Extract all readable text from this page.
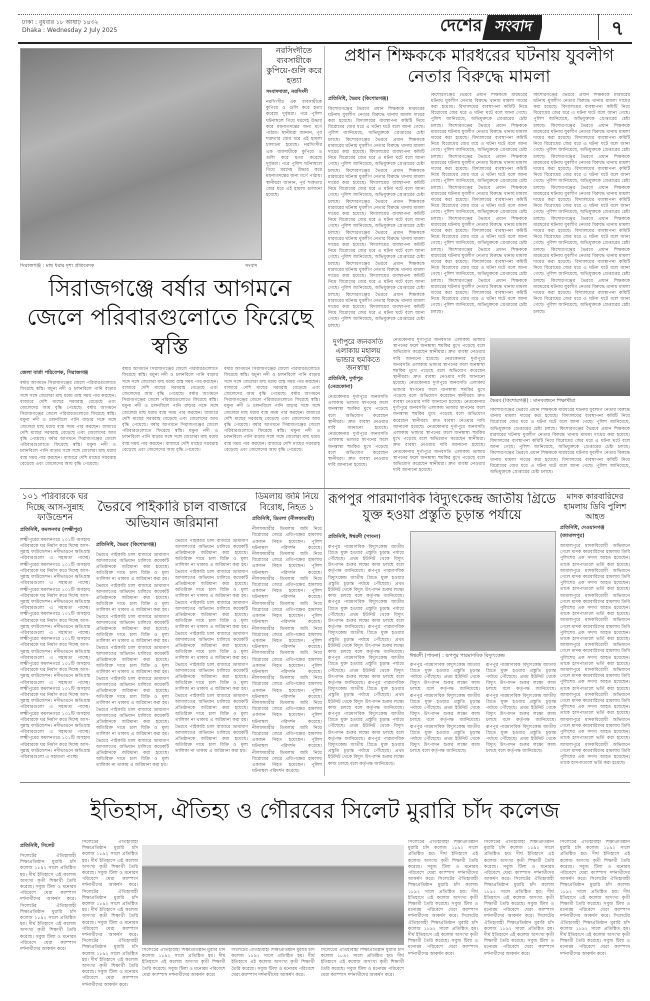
ঢাকা : বুধবার ১৮ আষাঢ় ১৪৩২
Dhaka : Wednesday 2 July 2025	দেশের সংবাদ	৭
সিরাজগঞ্জ : মাছ ধরার দৃশ্য প্রতিবেদক	সংবাদ
নরসিংদীতে ব্যবসায়ীকে কুপিয়ে-গুলি করে হত্যা
সংবাদদাতা, নরসিংদী
নরসিংদীর এক ব্যবসায়ীকে কুপিয়ে ও গুলি করে হত্যা করেছে দুর্বৃত্তরা। পরে পুলিশ ঘটনাস্থলে গিয়ে মরদেহ উদ্ধার করে ময়নাতদন্তের জন্য মর্গে পাঠায়। স্থানীয়রা জানান, পূর্ব শত্রুতার জের ধরে এই হামলা চালানো হয়েছে। নরসিংদীর এক ব্যবসায়ীকে কুপিয়ে ও গুলি করে হত্যা করেছে দুর্বৃত্তরা। পরে পুলিশ ঘটনাস্থলে গিয়ে মরদেহ উদ্ধার করে ময়নাতদন্তের জন্য মর্গে পাঠায়। স্থানীয়রা জানান, পূর্ব শত্রুতার জের ধরে এই হামলা চালানো হয়েছে।
প্রধান শিক্ষককে মারধরের ঘটনায় যুবলীগ নেতার বিরুদ্ধে মামলা
প্রতিনিধি, ভৈরব (কিশোরগঞ্জ)
কিশোরগঞ্জের ভৈরবে প্রধান শিক্ষককে মারধরের ঘটনায় যুবলীগ নেতার বিরুদ্ধে থানায় মামলা দায়ের করা হয়েছে। বিদ্যালয়ের ব্যবস্থাপনা কমিটি নিয়ে বিরোধের জের ধরে এ ঘটনা ঘটে বলে জানা গেছে। পুলিশ জানিয়েছে, অভিযুক্তকে গ্রেপ্তারের চেষ্টা চলছে। কিশোরগঞ্জের ভৈরবে প্রধান শিক্ষককে মারধরের ঘটনায় যুবলীগ নেতার বিরুদ্ধে থানায় মামলা দায়ের করা হয়েছে। বিদ্যালয়ের ব্যবস্থাপনা কমিটি নিয়ে বিরোধের জের ধরে এ ঘটনা ঘটে বলে জানা গেছে। পুলিশ জানিয়েছে, অভিযুক্তকে গ্রেপ্তারের চেষ্টা চলছে। কিশোরগঞ্জের ভৈরবে প্রধান শিক্ষককে মারধরের ঘটনায় যুবলীগ নেতার বিরুদ্ধে থানায় মামলা দায়ের করা হয়েছে। বিদ্যালয়ের ব্যবস্থাপনা কমিটি নিয়ে বিরোধের জের ধরে এ ঘটনা ঘটে বলে জানা গেছে। পুলিশ জানিয়েছে, অভিযুক্তকে গ্রেপ্তারের চেষ্টা চলছে। কিশোরগঞ্জের ভৈরবে প্রধান শিক্ষককে মারধরের ঘটনায় যুবলীগ নেতার বিরুদ্ধে থানায় মামলা দায়ের করা হয়েছে। বিদ্যালয়ের ব্যবস্থাপনা কমিটি নিয়ে বিরোধের জের ধরে এ ঘটনা ঘটে বলে জানা গেছে। পুলিশ জানিয়েছে, অভিযুক্তকে গ্রেপ্তারের চেষ্টা চলছে। কিশোরগঞ্জের ভৈরবে প্রধান শিক্ষককে মারধরের ঘটনায় যুবলীগ নেতার বিরুদ্ধে থানায় মামলা দায়ের করা হয়েছে। বিদ্যালয়ের ব্যবস্থাপনা কমিটি নিয়ে বিরোধের জের ধরে এ ঘটনা ঘটে বলে জানা গেছে। পুলিশ জানিয়েছে, অভিযুক্তকে গ্রেপ্তারের চেষ্টা চলছে। কিশোরগঞ্জের ভৈরবে প্রধান শিক্ষককে মারধরের ঘটনায় যুবলীগ নেতার বিরুদ্ধে থানায় মামলা দায়ের করা হয়েছে। বিদ্যালয়ের ব্যবস্থাপনা কমিটি নিয়ে বিরোধের জের ধরে এ ঘটনা ঘটে বলে জানা গেছে। পুলিশ জানিয়েছে, অভিযুক্তকে গ্রেপ্তারের চেষ্টা চলছে। কিশোরগঞ্জের ভৈরবে প্রধান শিক্ষককে মারধরের ঘটনায় যুবলীগ নেতার বিরুদ্ধে থানায় মামলা দায়ের করা হয়েছে। বিদ্যালয়ের ব্যবস্থাপনা কমিটি নিয়ে বিরোধের জের ধরে এ ঘটনা ঘটে বলে জানা গেছে। পুলিশ জানিয়েছে, অভিযুক্তকে গ্রেপ্তারের চেষ্টা চলছে।
কিশোরগঞ্জের ভৈরবে প্রধান শিক্ষককে মারধরের ঘটনায় যুবলীগ নেতার বিরুদ্ধে থানায় মামলা দায়ের করা হয়েছে। বিদ্যালয়ের ব্যবস্থাপনা কমিটি নিয়ে বিরোধের জের ধরে এ ঘটনা ঘটে বলে জানা গেছে। পুলিশ জানিয়েছে, অভিযুক্তকে গ্রেপ্তারের চেষ্টা চলছে। কিশোরগঞ্জের ভৈরবে প্রধান শিক্ষককে মারধরের ঘটনায় যুবলীগ নেতার বিরুদ্ধে থানায় মামলা দায়ের করা হয়েছে। বিদ্যালয়ের ব্যবস্থাপনা কমিটি নিয়ে বিরোধের জের ধরে এ ঘটনা ঘটে বলে জানা গেছে। পুলিশ জানিয়েছে, অভিযুক্তকে গ্রেপ্তারের চেষ্টা চলছে। কিশোরগঞ্জের ভৈরবে প্রধান শিক্ষককে মারধরের ঘটনায় যুবলীগ নেতার বিরুদ্ধে থানায় মামলা দায়ের করা হয়েছে। বিদ্যালয়ের ব্যবস্থাপনা কমিটি নিয়ে বিরোধের জের ধরে এ ঘটনা ঘটে বলে জানা গেছে। পুলিশ জানিয়েছে, অভিযুক্তকে গ্রেপ্তারের চেষ্টা চলছে। কিশোরগঞ্জের ভৈরবে প্রধান শিক্ষককে মারধরের ঘটনায় যুবলীগ নেতার বিরুদ্ধে থানায় মামলা দায়ের করা হয়েছে। বিদ্যালয়ের ব্যবস্থাপনা কমিটি নিয়ে বিরোধের জের ধরে এ ঘটনা ঘটে বলে জানা গেছে। পুলিশ জানিয়েছে, অভিযুক্তকে গ্রেপ্তারের চেষ্টা চলছে। কিশোরগঞ্জের ভৈরবে প্রধান শিক্ষককে মারধরের ঘটনায় যুবলীগ নেতার বিরুদ্ধে থানায় মামলা দায়ের করা হয়েছে। বিদ্যালয়ের ব্যবস্থাপনা কমিটি নিয়ে বিরোধের জের ধরে এ ঘটনা ঘটে বলে জানা গেছে। পুলিশ জানিয়েছে, অভিযুক্তকে গ্রেপ্তারের চেষ্টা চলছে। কিশোরগঞ্জের ভৈরবে প্রধান শিক্ষককে মারধরের ঘটনায় যুবলীগ নেতার বিরুদ্ধে থানায় মামলা দায়ের করা হয়েছে। বিদ্যালয়ের ব্যবস্থাপনা কমিটি নিয়ে বিরোধের জের ধরে এ ঘটনা ঘটে বলে জানা গেছে। পুলিশ জানিয়েছে, অভিযুক্তকে গ্রেপ্তারের চেষ্টা চলছে। কিশোরগঞ্জের ভৈরবে প্রধান শিক্ষককে মারধরের ঘটনায় যুবলীগ নেতার বিরুদ্ধে থানায় মামলা দায়ের করা হয়েছে। বিদ্যালয়ের ব্যবস্থাপনা কমিটি নিয়ে বিরোধের জের ধরে এ ঘটনা ঘটে বলে জানা গেছে। পুলিশ জানিয়েছে, অভিযুক্তকে গ্রেপ্তারের চেষ্টা চলছে।
কিশোরগঞ্জের ভৈরবে প্রধান শিক্ষককে মারধরের ঘটনায় যুবলীগ নেতার বিরুদ্ধে থানায় মামলা দায়ের করা হয়েছে। বিদ্যালয়ের ব্যবস্থাপনা কমিটি নিয়ে বিরোধের জের ধরে এ ঘটনা ঘটে বলে জানা গেছে। পুলিশ জানিয়েছে, অভিযুক্তকে গ্রেপ্তারের চেষ্টা চলছে। কিশোরগঞ্জের ভৈরবে প্রধান শিক্ষককে মারধরের ঘটনায় যুবলীগ নেতার বিরুদ্ধে থানায় মামলা দায়ের করা হয়েছে। বিদ্যালয়ের ব্যবস্থাপনা কমিটি নিয়ে বিরোধের জের ধরে এ ঘটনা ঘটে বলে জানা গেছে। পুলিশ জানিয়েছে, অভিযুক্তকে গ্রেপ্তারের চেষ্টা চলছে। কিশোরগঞ্জের ভৈরবে প্রধান শিক্ষককে মারধরের ঘটনায় যুবলীগ নেতার বিরুদ্ধে থানায় মামলা দায়ের করা হয়েছে। বিদ্যালয়ের ব্যবস্থাপনা কমিটি নিয়ে বিরোধের জের ধরে এ ঘটনা ঘটে বলে জানা গেছে। পুলিশ জানিয়েছে, অভিযুক্তকে গ্রেপ্তারের চেষ্টা চলছে। কিশোরগঞ্জের ভৈরবে প্রধান শিক্ষককে মারধরের ঘটনায় যুবলীগ নেতার বিরুদ্ধে থানায় মামলা দায়ের করা হয়েছে। বিদ্যালয়ের ব্যবস্থাপনা কমিটি নিয়ে বিরোধের জের ধরে এ ঘটনা ঘটে বলে জানা গেছে। পুলিশ জানিয়েছে, অভিযুক্তকে গ্রেপ্তারের চেষ্টা চলছে। কিশোরগঞ্জের ভৈরবে প্রধান শিক্ষককে মারধরের ঘটনায় যুবলীগ নেতার বিরুদ্ধে থানায় মামলা দায়ের করা হয়েছে। বিদ্যালয়ের ব্যবস্থাপনা কমিটি নিয়ে বিরোধের জের ধরে এ ঘটনা ঘটে বলে জানা গেছে। পুলিশ জানিয়েছে, অভিযুক্তকে গ্রেপ্তারের চেষ্টা চলছে। কিশোরগঞ্জের ভৈরবে প্রধান শিক্ষককে মারধরের ঘটনায় যুবলীগ নেতার বিরুদ্ধে থানায় মামলা দায়ের করা হয়েছে। বিদ্যালয়ের ব্যবস্থাপনা কমিটি নিয়ে বিরোধের জের ধরে এ ঘটনা ঘটে বলে জানা গেছে। পুলিশ জানিয়েছে, অভিযুক্তকে গ্রেপ্তারের চেষ্টা চলছে। কিশোরগঞ্জের ভৈরবে প্রধান শিক্ষককে মারধরের ঘটনায় যুবলীগ নেতার বিরুদ্ধে থানায় মামলা দায়ের করা হয়েছে। বিদ্যালয়ের ব্যবস্থাপনা কমিটি নিয়ে বিরোধের জের ধরে এ ঘটনা ঘটে বলে জানা গেছে। পুলিশ জানিয়েছে, অভিযুক্তকে গ্রেপ্তারের চেষ্টা চলছে।
ভৈরব (কিশোরগঞ্জ) : মানববন্ধনে শিক্ষার্থীরা
কিশোরগঞ্জের ভৈরবে প্রধান শিক্ষককে মারধরের ঘটনায় যুবলীগ নেতার বিরুদ্ধে থানায় মামলা দায়ের করা হয়েছে। বিদ্যালয়ের ব্যবস্থাপনা কমিটি নিয়ে বিরোধের জের ধরে এ ঘটনা ঘটে বলে জানা গেছে। পুলিশ জানিয়েছে, অভিযুক্তকে গ্রেপ্তারের চেষ্টা চলছে। কিশোরগঞ্জের ভৈরবে প্রধান শিক্ষককে মারধরের ঘটনায় যুবলীগ নেতার বিরুদ্ধে থানায় মামলা দায়ের করা হয়েছে। বিদ্যালয়ের ব্যবস্থাপনা কমিটি নিয়ে বিরোধের জের ধরে এ ঘটনা ঘটে বলে জানা গেছে। পুলিশ জানিয়েছে, অভিযুক্তকে গ্রেপ্তারের চেষ্টা চলছে। কিশোরগঞ্জের ভৈরবে প্রধান শিক্ষককে মারধরের ঘটনায় যুবলীগ নেতার বিরুদ্ধে থানায় মামলা দায়ের করা হয়েছে। বিদ্যালয়ের ব্যবস্থাপনা কমিটি নিয়ে বিরোধের জের ধরে এ ঘটনা ঘটে বলে জানা গেছে। পুলিশ জানিয়েছে, অভিযুক্তকে গ্রেপ্তারের চেষ্টা চলছে।
দুর্গাপুরে জনবসতি এলাকায় মহালয় ভান্ডার হুমকিতে জনস্বাস্থ্য
প্রতিনিধি, দুর্গাপুর (নেত্রকোনা)
নেত্রকোনার দুর্গাপুরে জনবসতি এলাকায় ভান্ডার স্থাপনের ফলে জনস্বাস্থ্য হুমকির মুখে পড়েছে বলে অভিযোগ করেছেন স্থানীয়রা। দ্রুত ব্যবস্থা নেওয়ার দাবি জানানো হয়েছে। নেত্রকোনার দুর্গাপুরে জনবসতি এলাকায় ভান্ডার স্থাপনের ফলে জনস্বাস্থ্য হুমকির মুখে পড়েছে বলে অভিযোগ করেছেন স্থানীয়রা। দ্রুত ব্যবস্থা নেওয়ার দাবি জানানো হয়েছে।
নেত্রকোনার দুর্গাপুরে জনবসতি এলাকায় ভান্ডার স্থাপনের ফলে জনস্বাস্থ্য হুমকির মুখে পড়েছে বলে অভিযোগ করেছেন স্থানীয়রা। দ্রুত ব্যবস্থা নেওয়ার দাবি জানানো হয়েছে। নেত্রকোনার দুর্গাপুরে জনবসতি এলাকায় ভান্ডার স্থাপনের ফলে জনস্বাস্থ্য হুমকির মুখে পড়েছে বলে অভিযোগ করেছেন স্থানীয়রা। দ্রুত ব্যবস্থা নেওয়ার দাবি জানানো হয়েছে। নেত্রকোনার দুর্গাপুরে জনবসতি এলাকায় ভান্ডার স্থাপনের ফলে জনস্বাস্থ্য হুমকির মুখে পড়েছে বলে অভিযোগ করেছেন স্থানীয়রা। দ্রুত ব্যবস্থা নেওয়ার দাবি জানানো হয়েছে। নেত্রকোনার দুর্গাপুরে জনবসতি এলাকায় ভান্ডার স্থাপনের ফলে জনস্বাস্থ্য হুমকির মুখে পড়েছে বলে অভিযোগ করেছেন স্থানীয়রা। দ্রুত ব্যবস্থা নেওয়ার দাবি জানানো হয়েছে। নেত্রকোনার দুর্গাপুরে জনবসতি এলাকায় ভান্ডার স্থাপনের ফলে জনস্বাস্থ্য হুমকির মুখে পড়েছে বলে অভিযোগ করেছেন স্থানীয়রা। দ্রুত ব্যবস্থা নেওয়ার দাবি জানানো হয়েছে। নেত্রকোনার দুর্গাপুরে জনবসতি এলাকায় ভান্ডার স্থাপনের ফলে জনস্বাস্থ্য হুমকির মুখে পড়েছে বলে অভিযোগ করেছেন স্থানীয়রা। দ্রুত ব্যবস্থা নেওয়ার দাবি জানানো হয়েছে।
সিরাজগঞ্জে বর্ষার আগমনে জেলে পরিবারগুলোতে ফিরেছে স্বস্তি
জেলা বার্তা পরিবেশক, সিরাজগঞ্জ
বর্ষার আগমনে সিরাজগঞ্জের জেলে পরিবারগুলোতে ফিরেছে স্বস্তি। যমুনা নদী ও চলনবিলে পানি বাড়ার সঙ্গে সঙ্গে জেলেরা মাছ ধরায় ব্যস্ত সময় পার করছেন। বাজারে দেশি মাছের সরবরাহ বেড়েছে এবং জেলেদের আয় বৃদ্ধি পেয়েছে। বর্ষার আগমনে সিরাজগঞ্জের জেলে পরিবারগুলোতে ফিরেছে স্বস্তি। যমুনা নদী ও চলনবিলে পানি বাড়ার সঙ্গে সঙ্গে জেলেরা মাছ ধরায় ব্যস্ত সময় পার করছেন। বাজারে দেশি মাছের সরবরাহ বেড়েছে এবং জেলেদের আয় বৃদ্ধি পেয়েছে। বর্ষার আগমনে সিরাজগঞ্জের জেলে পরিবারগুলোতে ফিরেছে স্বস্তি। যমুনা নদী ও চলনবিলে পানি বাড়ার সঙ্গে সঙ্গে জেলেরা মাছ ধরায় ব্যস্ত সময় পার করছেন। বাজারে দেশি মাছের সরবরাহ বেড়েছে এবং জেলেদের আয় বৃদ্ধি পেয়েছে।
বর্ষার আগমনে সিরাজগঞ্জের জেলে পরিবারগুলোতে ফিরেছে স্বস্তি। যমুনা নদী ও চলনবিলে পানি বাড়ার সঙ্গে সঙ্গে জেলেরা মাছ ধরায় ব্যস্ত সময় পার করছেন। বাজারে দেশি মাছের সরবরাহ বেড়েছে এবং জেলেদের আয় বৃদ্ধি পেয়েছে। বর্ষার আগমনে সিরাজগঞ্জের জেলে পরিবারগুলোতে ফিরেছে স্বস্তি। যমুনা নদী ও চলনবিলে পানি বাড়ার সঙ্গে সঙ্গে জেলেরা মাছ ধরায় ব্যস্ত সময় পার করছেন। বাজারে দেশি মাছের সরবরাহ বেড়েছে এবং জেলেদের আয় বৃদ্ধি পেয়েছে। বর্ষার আগমনে সিরাজগঞ্জের জেলে পরিবারগুলোতে ফিরেছে স্বস্তি। যমুনা নদী ও চলনবিলে পানি বাড়ার সঙ্গে সঙ্গে জেলেরা মাছ ধরায় ব্যস্ত সময় পার করছেন। বাজারে দেশি মাছের সরবরাহ বেড়েছে এবং জেলেদের আয় বৃদ্ধি পেয়েছে।
বর্ষার আগমনে সিরাজগঞ্জের জেলে পরিবারগুলোতে ফিরেছে স্বস্তি। যমুনা নদী ও চলনবিলে পানি বাড়ার সঙ্গে সঙ্গে জেলেরা মাছ ধরায় ব্যস্ত সময় পার করছেন। বাজারে দেশি মাছের সরবরাহ বেড়েছে এবং জেলেদের আয় বৃদ্ধি পেয়েছে। বর্ষার আগমনে সিরাজগঞ্জের জেলে পরিবারগুলোতে ফিরেছে স্বস্তি। যমুনা নদী ও চলনবিলে পানি বাড়ার সঙ্গে সঙ্গে জেলেরা মাছ ধরায় ব্যস্ত সময় পার করছেন। বাজারে দেশি মাছের সরবরাহ বেড়েছে এবং জেলেদের আয় বৃদ্ধি পেয়েছে। বর্ষার আগমনে সিরাজগঞ্জের জেলে পরিবারগুলোতে ফিরেছে স্বস্তি। যমুনা নদী ও চলনবিলে পানি বাড়ার সঙ্গে সঙ্গে জেলেরা মাছ ধরায় ব্যস্ত সময় পার করছেন। বাজারে দেশি মাছের সরবরাহ বেড়েছে এবং জেলেদের আয় বৃদ্ধি পেয়েছে।
১০১ পরিবারকে ঘর দিচ্ছে আস-সুন্নাহ ফাউন্ডেশন
প্রতিনিধি, কমলনগর (লক্ষ্মীপুর)
লক্ষ্মীপুরের কমলনগরে ১০১টি অসহায় পরিবারকে ঘর নির্মাণ করে দিচ্ছে আস-সুন্নাহ ফাউন্ডেশন। নদীভাঙনে ক্ষতিগ্রস্ত পরিবারগুলো এ সহায়তা পাচ্ছে। লক্ষ্মীপুরের কমলনগরে ১০১টি অসহায় পরিবারকে ঘর নির্মাণ করে দিচ্ছে আস-সুন্নাহ ফাউন্ডেশন। নদীভাঙনে ক্ষতিগ্রস্ত পরিবারগুলো এ সহায়তা পাচ্ছে। লক্ষ্মীপুরের কমলনগরে ১০১টি অসহায় পরিবারকে ঘর নির্মাণ করে দিচ্ছে আস-সুন্নাহ ফাউন্ডেশন। নদীভাঙনে ক্ষতিগ্রস্ত পরিবারগুলো এ সহায়তা পাচ্ছে। লক্ষ্মীপুরের কমলনগরে ১০১টি অসহায় পরিবারকে ঘর নির্মাণ করে দিচ্ছে আস-সুন্নাহ ফাউন্ডেশন। নদীভাঙনে ক্ষতিগ্রস্ত পরিবারগুলো এ সহায়তা পাচ্ছে। লক্ষ্মীপুরের কমলনগরে ১০১টি অসহায় পরিবারকে ঘর নির্মাণ করে দিচ্ছে আস-সুন্নাহ ফাউন্ডেশন। নদীভাঙনে ক্ষতিগ্রস্ত পরিবারগুলো এ সহায়তা পাচ্ছে। লক্ষ্মীপুরের কমলনগরে ১০১টি অসহায় পরিবারকে ঘর নির্মাণ করে দিচ্ছে আস-সুন্নাহ ফাউন্ডেশন। নদীভাঙনে ক্ষতিগ্রস্ত পরিবারগুলো এ সহায়তা পাচ্ছে। লক্ষ্মীপুরের কমলনগরে ১০১টি অসহায় পরিবারকে ঘর নির্মাণ করে দিচ্ছে আস-সুন্নাহ ফাউন্ডেশন। নদীভাঙনে ক্ষতিগ্রস্ত পরিবারগুলো এ সহায়তা পাচ্ছে। লক্ষ্মীপুরের কমলনগরে ১০১টি অসহায় পরিবারকে ঘর নির্মাণ করে দিচ্ছে আস-সুন্নাহ ফাউন্ডেশন। নদীভাঙনে ক্ষতিগ্রস্ত পরিবারগুলো এ সহায়তা পাচ্ছে। লক্ষ্মীপুরের কমলনগরে ১০১টি অসহায় পরিবারকে ঘর নির্মাণ করে দিচ্ছে আস-সুন্নাহ ফাউন্ডেশন। নদীভাঙনে ক্ষতিগ্রস্ত পরিবারগুলো এ সহায়তা পাচ্ছে।
ভৈরবে পাইকারি চাল বাজারে অভিযান জরিমানা
প্রতিনিধি, ভৈরব (কিশোরগঞ্জ)
ভৈরবে পাইকারি চাল বাজারে ভ্রাম্যমাণ আদালতের অভিযান চালিয়ে কয়েকটি প্রতিষ্ঠানকে জরিমানা করা হয়েছে। অতিরিক্ত দামে চাল বিক্রি ও মূল্য তালিকা না থাকায় এ জরিমানা করা হয়। ভৈরবে পাইকারি চাল বাজারে ভ্রাম্যমাণ আদালতের অভিযান চালিয়ে কয়েকটি প্রতিষ্ঠানকে জরিমানা করা হয়েছে। অতিরিক্ত দামে চাল বিক্রি ও মূল্য তালিকা না থাকায় এ জরিমানা করা হয়। ভৈরবে পাইকারি চাল বাজারে ভ্রাম্যমাণ আদালতের অভিযান চালিয়ে কয়েকটি প্রতিষ্ঠানকে জরিমানা করা হয়েছে। অতিরিক্ত দামে চাল বিক্রি ও মূল্য তালিকা না থাকায় এ জরিমানা করা হয়। ভৈরবে পাইকারি চাল বাজারে ভ্রাম্যমাণ আদালতের অভিযান চালিয়ে কয়েকটি প্রতিষ্ঠানকে জরিমানা করা হয়েছে। অতিরিক্ত দামে চাল বিক্রি ও মূল্য তালিকা না থাকায় এ জরিমানা করা হয়। ভৈরবে পাইকারি চাল বাজারে ভ্রাম্যমাণ আদালতের অভিযান চালিয়ে কয়েকটি প্রতিষ্ঠানকে জরিমানা করা হয়েছে। অতিরিক্ত দামে চাল বিক্রি ও মূল্য তালিকা না থাকায় এ জরিমানা করা হয়। ভৈরবে পাইকারি চাল বাজারে ভ্রাম্যমাণ আদালতের অভিযান চালিয়ে কয়েকটি প্রতিষ্ঠানকে জরিমানা করা হয়েছে। অতিরিক্ত দামে চাল বিক্রি ও মূল্য তালিকা না থাকায় এ জরিমানা করা হয়। ভৈরবে পাইকারি চাল বাজারে ভ্রাম্যমাণ আদালতের অভিযান চালিয়ে কয়েকটি প্রতিষ্ঠানকে জরিমানা করা হয়েছে। অতিরিক্ত দামে চাল বিক্রি ও মূল্য তালিকা না থাকায় এ জরিমানা করা হয়।
ভৈরবে পাইকারি চাল বাজারে ভ্রাম্যমাণ আদালতের অভিযান চালিয়ে কয়েকটি প্রতিষ্ঠানকে জরিমানা করা হয়েছে। অতিরিক্ত দামে চাল বিক্রি ও মূল্য তালিকা না থাকায় এ জরিমানা করা হয়। ভৈরবে পাইকারি চাল বাজারে ভ্রাম্যমাণ আদালতের অভিযান চালিয়ে কয়েকটি প্রতিষ্ঠানকে জরিমানা করা হয়েছে। অতিরিক্ত দামে চাল বিক্রি ও মূল্য তালিকা না থাকায় এ জরিমানা করা হয়। ভৈরবে পাইকারি চাল বাজারে ভ্রাম্যমাণ আদালতের অভিযান চালিয়ে কয়েকটি প্রতিষ্ঠানকে জরিমানা করা হয়েছে। অতিরিক্ত দামে চাল বিক্রি ও মূল্য তালিকা না থাকায় এ জরিমানা করা হয়। ভৈরবে পাইকারি চাল বাজারে ভ্রাম্যমাণ আদালতের অভিযান চালিয়ে কয়েকটি প্রতিষ্ঠানকে জরিমানা করা হয়েছে। অতিরিক্ত দামে চাল বিক্রি ও মূল্য তালিকা না থাকায় এ জরিমানা করা হয়। ভৈরবে পাইকারি চাল বাজারে ভ্রাম্যমাণ আদালতের অভিযান চালিয়ে কয়েকটি প্রতিষ্ঠানকে জরিমানা করা হয়েছে। অতিরিক্ত দামে চাল বিক্রি ও মূল্য তালিকা না থাকায় এ জরিমানা করা হয়। ভৈরবে পাইকারি চাল বাজারে ভ্রাম্যমাণ আদালতের অভিযান চালিয়ে কয়েকটি প্রতিষ্ঠানকে জরিমানা করা হয়েছে। অতিরিক্ত দামে চাল বিক্রি ও মূল্য তালিকা না থাকায় এ জরিমানা করা হয়। ভৈরবে পাইকারি চাল বাজারে ভ্রাম্যমাণ আদালতের অভিযান চালিয়ে কয়েকটি প্রতিষ্ঠানকে জরিমানা করা হয়েছে। অতিরিক্ত দামে চাল বিক্রি ও মূল্য তালিকা না থাকায় এ জরিমানা করা হয়।
ডিমলায় জমি নিয়ে বিরোধ, নিহত ১
প্রতিনিধি, ডিমলা (নীলফামারী)
নীলফামারীর ডিমলায় জমি নিয়ে বিরোধের জেরে প্রতিপক্ষের হামলায় একজন নিহত হয়েছেন। পুলিশ ঘটনাস্থল পরিদর্শন করেছে। নীলফামারীর ডিমলায় জমি নিয়ে বিরোধের জেরে প্রতিপক্ষের হামলায় একজন নিহত হয়েছেন। পুলিশ ঘটনাস্থল পরিদর্শন করেছে। নীলফামারীর ডিমলায় জমি নিয়ে বিরোধের জেরে প্রতিপক্ষের হামলায় একজন নিহত হয়েছেন। পুলিশ ঘটনাস্থল পরিদর্শন করেছে। নীলফামারীর ডিমলায় জমি নিয়ে বিরোধের জেরে প্রতিপক্ষের হামলায় একজন নিহত হয়েছেন। পুলিশ ঘটনাস্থল পরিদর্শন করেছে। নীলফামারীর ডিমলায় জমি নিয়ে বিরোধের জেরে প্রতিপক্ষের হামলায় একজন নিহত হয়েছেন। পুলিশ ঘটনাস্থল পরিদর্শন করেছে। নীলফামারীর ডিমলায় জমি নিয়ে বিরোধের জেরে প্রতিপক্ষের হামলায় একজন নিহত হয়েছেন। পুলিশ ঘটনাস্থল পরিদর্শন করেছে। নীলফামারীর ডিমলায় জমি নিয়ে বিরোধের জেরে প্রতিপক্ষের হামলায় একজন নিহত হয়েছেন। পুলিশ ঘটনাস্থল পরিদর্শন করেছে। নীলফামারীর ডিমলায় জমি নিয়ে বিরোধের জেরে প্রতিপক্ষের হামলায় একজন নিহত হয়েছেন। পুলিশ ঘটনাস্থল পরিদর্শন করেছে। নীলফামারীর ডিমলায় জমি নিয়ে বিরোধের জেরে প্রতিপক্ষের হামলায় একজন নিহত হয়েছেন। পুলিশ ঘটনাস্থল পরিদর্শন করেছে। নীলফামারীর ডিমলায় জমি নিয়ে বিরোধের জেরে প্রতিপক্ষের হামলায় একজন নিহত হয়েছেন। পুলিশ ঘটনাস্থল পরিদর্শন করেছে।
রূপপুর পারমাণবিক বিদ্যুৎকেন্দ্র জাতীয় গ্রিডে যুক্ত হওয়া প্রস্তুতি চূড়ান্ত পর্যায়ে
প্রতিনিধি, ঈশ্বরদী (পাবনা)
রূপপুর পারমাণবিক বিদ্যুৎকেন্দ্র জাতীয় গ্রিডে যুক্ত হওয়ার প্রস্তুতি চূড়ান্ত পর্যায়ে পৌঁছেছে। প্রথম ইউনিট থেকে বিদ্যুৎ উৎপাদন শুরুর লক্ষ্যে কাজ চলছে বলে কর্তৃপক্ষ জানিয়েছে। রূপপুর পারমাণবিক বিদ্যুৎকেন্দ্র জাতীয় গ্রিডে যুক্ত হওয়ার প্রস্তুতি চূড়ান্ত পর্যায়ে পৌঁছেছে। প্রথম ইউনিট থেকে বিদ্যুৎ উৎপাদন শুরুর লক্ষ্যে কাজ চলছে বলে কর্তৃপক্ষ জানিয়েছে। রূপপুর পারমাণবিক বিদ্যুৎকেন্দ্র জাতীয় গ্রিডে যুক্ত হওয়ার প্রস্তুতি চূড়ান্ত পর্যায়ে পৌঁছেছে। প্রথম ইউনিট থেকে বিদ্যুৎ উৎপাদন শুরুর লক্ষ্যে কাজ চলছে বলে কর্তৃপক্ষ জানিয়েছে। রূপপুর পারমাণবিক বিদ্যুৎকেন্দ্র জাতীয় গ্রিডে যুক্ত হওয়ার প্রস্তুতি চূড়ান্ত পর্যায়ে পৌঁছেছে। প্রথম ইউনিট থেকে বিদ্যুৎ উৎপাদন শুরুর লক্ষ্যে কাজ চলছে বলে কর্তৃপক্ষ জানিয়েছে। রূপপুর পারমাণবিক বিদ্যুৎকেন্দ্র জাতীয় গ্রিডে যুক্ত হওয়ার প্রস্তুতি চূড়ান্ত পর্যায়ে পৌঁছেছে। প্রথম ইউনিট থেকে বিদ্যুৎ উৎপাদন শুরুর লক্ষ্যে কাজ চলছে বলে কর্তৃপক্ষ জানিয়েছে। রূপপুর পারমাণবিক বিদ্যুৎকেন্দ্র জাতীয় গ্রিডে যুক্ত হওয়ার প্রস্তুতি চূড়ান্ত পর্যায়ে পৌঁছেছে। প্রথম ইউনিট থেকে বিদ্যুৎ উৎপাদন শুরুর লক্ষ্যে কাজ চলছে বলে কর্তৃপক্ষ জানিয়েছে। রূপপুর পারমাণবিক বিদ্যুৎকেন্দ্র জাতীয় গ্রিডে যুক্ত হওয়ার প্রস্তুতি চূড়ান্ত পর্যায়ে পৌঁছেছে। প্রথম ইউনিট থেকে বিদ্যুৎ উৎপাদন শুরুর লক্ষ্যে কাজ চলছে বলে কর্তৃপক্ষ জানিয়েছে। রূপপুর পারমাণবিক বিদ্যুৎকেন্দ্র জাতীয় গ্রিডে যুক্ত হওয়ার প্রস্তুতি চূড়ান্ত পর্যায়ে পৌঁছেছে। প্রথম ইউনিট থেকে বিদ্যুৎ উৎপাদন শুরুর লক্ষ্যে কাজ চলছে বলে কর্তৃপক্ষ জানিয়েছে।
ঈশ্বরদী (পাবনা) : রূপপুর পারমাণবিক বিদ্যুৎকেন্দ্র
রূপপুর পারমাণবিক বিদ্যুৎকেন্দ্র জাতীয় গ্রিডে যুক্ত হওয়ার প্রস্তুতি চূড়ান্ত পর্যায়ে পৌঁছেছে। প্রথম ইউনিট থেকে বিদ্যুৎ উৎপাদন শুরুর লক্ষ্যে কাজ চলছে বলে কর্তৃপক্ষ জানিয়েছে। রূপপুর পারমাণবিক বিদ্যুৎকেন্দ্র জাতীয় গ্রিডে যুক্ত হওয়ার প্রস্তুতি চূড়ান্ত পর্যায়ে পৌঁছেছে। প্রথম ইউনিট থেকে বিদ্যুৎ উৎপাদন শুরুর লক্ষ্যে কাজ চলছে বলে কর্তৃপক্ষ জানিয়েছে। রূপপুর পারমাণবিক বিদ্যুৎকেন্দ্র জাতীয় গ্রিডে যুক্ত হওয়ার প্রস্তুতি চূড়ান্ত পর্যায়ে পৌঁছেছে। প্রথম ইউনিট থেকে বিদ্যুৎ উৎপাদন শুরুর লক্ষ্যে কাজ চলছে বলে কর্তৃপক্ষ জানিয়েছে।
রূপপুর পারমাণবিক বিদ্যুৎকেন্দ্র জাতীয় গ্রিডে যুক্ত হওয়ার প্রস্তুতি চূড়ান্ত পর্যায়ে পৌঁছেছে। প্রথম ইউনিট থেকে বিদ্যুৎ উৎপাদন শুরুর লক্ষ্যে কাজ চলছে বলে কর্তৃপক্ষ জানিয়েছে। রূপপুর পারমাণবিক বিদ্যুৎকেন্দ্র জাতীয় গ্রিডে যুক্ত হওয়ার প্রস্তুতি চূড়ান্ত পর্যায়ে পৌঁছেছে। প্রথম ইউনিট থেকে বিদ্যুৎ উৎপাদন শুরুর লক্ষ্যে কাজ চলছে বলে কর্তৃপক্ষ জানিয়েছে। রূপপুর পারমাণবিক বিদ্যুৎকেন্দ্র জাতীয় গ্রিডে যুক্ত হওয়ার প্রস্তুতি চূড়ান্ত পর্যায়ে পৌঁছেছে। প্রথম ইউনিট থেকে বিদ্যুৎ উৎপাদন শুরুর লক্ষ্যে কাজ চলছে বলে কর্তৃপক্ষ জানিয়েছে।
মাদক কারবারিদের হামলায় ডিবি পুলিশ আহত
প্রতিনিধি, দেওয়ানগঞ্জ (জামালপুর)
জামালপুরে মাদকবিরোধী অভিযানে গেলে মাদক কারবারিদের হামলায় ডিবি পুলিশের এক সদস্য আহত হয়েছেন। তাকে হাসপাতালে ভর্তি করা হয়েছে। জামালপুরে মাদকবিরোধী অভিযানে গেলে মাদক কারবারিদের হামলায় ডিবি পুলিশের এক সদস্য আহত হয়েছেন। তাকে হাসপাতালে ভর্তি করা হয়েছে। জামালপুরে মাদকবিরোধী অভিযানে গেলে মাদক কারবারিদের হামলায় ডিবি পুলিশের এক সদস্য আহত হয়েছেন। তাকে হাসপাতালে ভর্তি করা হয়েছে। জামালপুরে মাদকবিরোধী অভিযানে গেলে মাদক কারবারিদের হামলায় ডিবি পুলিশের এক সদস্য আহত হয়েছেন। তাকে হাসপাতালে ভর্তি করা হয়েছে। জামালপুরে মাদকবিরোধী অভিযানে গেলে মাদক কারবারিদের হামলায় ডিবি পুলিশের এক সদস্য আহত হয়েছেন। তাকে হাসপাতালে ভর্তি করা হয়েছে। জামালপুরে মাদকবিরোধী অভিযানে গেলে মাদক কারবারিদের হামলায় ডিবি পুলিশের এক সদস্য আহত হয়েছেন। তাকে হাসপাতালে ভর্তি করা হয়েছে। জামালপুরে মাদকবিরোধী অভিযানে গেলে মাদক কারবারিদের হামলায় ডিবি পুলিশের এক সদস্য আহত হয়েছেন। তাকে হাসপাতালে ভর্তি করা হয়েছে। জামালপুরে মাদকবিরোধী অভিযানে গেলে মাদক কারবারিদের হামলায় ডিবি পুলিশের এক সদস্য আহত হয়েছেন। তাকে হাসপাতালে ভর্তি করা হয়েছে। জামালপুরে মাদকবিরোধী অভিযানে গেলে মাদক কারবারিদের হামলায় ডিবি পুলিশের এক সদস্য আহত হয়েছেন। তাকে হাসপাতালে ভর্তি করা হয়েছে।
ইতিহাস, ঐতিহ্য ও গৌরবের সিলেট মুরারি চাঁদ কলেজ
প্রতিনিধি, সিলেট
সিলেটের ঐতিহ্যবাহী শিক্ষাপ্রতিষ্ঠান মুরারি চাঁদ কলেজ ১৮৯২ সালে প্রতিষ্ঠিত হয়। দীর্ঘ ইতিহাসে এই কলেজ অসংখ্য কৃতী শিক্ষার্থী তৈরি করেছে। সবুজ টিলা ও মনোরম পরিবেশে ঘেরা ক্যাম্পাস দর্শনার্থীদের আকর্ষণ করে। সিলেটের ঐতিহ্যবাহী শিক্ষাপ্রতিষ্ঠান মুরারি চাঁদ কলেজ ১৮৯২ সালে প্রতিষ্ঠিত হয়। দীর্ঘ ইতিহাসে এই কলেজ অসংখ্য কৃতী শিক্ষার্থী তৈরি করেছে। সবুজ টিলা ও মনোরম পরিবেশে ঘেরা ক্যাম্পাস দর্শনার্থীদের আকর্ষণ করে।
সিলেটের ঐতিহ্যবাহী শিক্ষাপ্রতিষ্ঠান মুরারি চাঁদ কলেজ ১৮৯২ সালে প্রতিষ্ঠিত হয়। দীর্ঘ ইতিহাসে এই কলেজ অসংখ্য কৃতী শিক্ষার্থী তৈরি করেছে। সবুজ টিলা ও মনোরম পরিবেশে ঘেরা ক্যাম্পাস দর্শনার্থীদের আকর্ষণ করে। সিলেটের ঐতিহ্যবাহী শিক্ষাপ্রতিষ্ঠান মুরারি চাঁদ কলেজ ১৮৯২ সালে প্রতিষ্ঠিত হয়। দীর্ঘ ইতিহাসে এই কলেজ অসংখ্য কৃতী শিক্ষার্থী তৈরি করেছে। সবুজ টিলা ও মনোরম পরিবেশে ঘেরা ক্যাম্পাস দর্শনার্থীদের আকর্ষণ করে। সিলেটের ঐতিহ্যবাহী শিক্ষাপ্রতিষ্ঠান মুরারি চাঁদ কলেজ ১৮৯২ সালে প্রতিষ্ঠিত হয়। দীর্ঘ ইতিহাসে এই কলেজ অসংখ্য কৃতী শিক্ষার্থী তৈরি করেছে। সবুজ টিলা ও মনোরম পরিবেশে ঘেরা ক্যাম্পাস দর্শনার্থীদের আকর্ষণ করে।
সিলেটের ঐতিহ্যবাহী শিক্ষাপ্রতিষ্ঠান মুরারি চাঁদ কলেজ ১৮৯২ সালে প্রতিষ্ঠিত হয়। দীর্ঘ ইতিহাসে এই কলেজ অসংখ্য কৃতী শিক্ষার্থী তৈরি করেছে। সবুজ টিলা ও মনোরম পরিবেশে ঘেরা ক্যাম্পাস দর্শনার্থীদের আকর্ষণ করে।
সিলেটের ঐতিহ্যবাহী শিক্ষাপ্রতিষ্ঠান মুরারি চাঁদ কলেজ ১৮৯২ সালে প্রতিষ্ঠিত হয়। দীর্ঘ ইতিহাসে এই কলেজ অসংখ্য কৃতী শিক্ষার্থী তৈরি করেছে। সবুজ টিলা ও মনোরম পরিবেশে ঘেরা ক্যাম্পাস দর্শনার্থীদের আকর্ষণ করে।
সিলেটের ঐতিহ্যবাহী শিক্ষাপ্রতিষ্ঠান মুরারি চাঁদ কলেজ ১৮৯২ সালে প্রতিষ্ঠিত হয়। দীর্ঘ ইতিহাসে এই কলেজ অসংখ্য কৃতী শিক্ষার্থী তৈরি করেছে। সবুজ টিলা ও মনোরম পরিবেশে ঘেরা ক্যাম্পাস দর্শনার্থীদের আকর্ষণ করে।
সিলেটের ঐতিহ্যবাহী শিক্ষাপ্রতিষ্ঠান মুরারি চাঁদ কলেজ ১৮৯২ সালে প্রতিষ্ঠিত হয়। দীর্ঘ ইতিহাসে এই কলেজ অসংখ্য কৃতী শিক্ষার্থী তৈরি করেছে। সবুজ টিলা ও মনোরম পরিবেশে ঘেরা ক্যাম্পাস দর্শনার্থীদের আকর্ষণ করে। সিলেটের ঐতিহ্যবাহী শিক্ষাপ্রতিষ্ঠান মুরারি চাঁদ কলেজ ১৮৯২ সালে প্রতিষ্ঠিত হয়। দীর্ঘ ইতিহাসে এই কলেজ অসংখ্য কৃতী শিক্ষার্থী তৈরি করেছে। সবুজ টিলা ও মনোরম পরিবেশে ঘেরা ক্যাম্পাস দর্শনার্থীদের আকর্ষণ করে। সিলেটের ঐতিহ্যবাহী শিক্ষাপ্রতিষ্ঠান মুরারি চাঁদ কলেজ ১৮৯২ সালে প্রতিষ্ঠিত হয়। দীর্ঘ ইতিহাসে এই কলেজ অসংখ্য কৃতী শিক্ষার্থী তৈরি করেছে। সবুজ টিলা ও মনোরম পরিবেশে ঘেরা ক্যাম্পাস দর্শনার্থীদের আকর্ষণ করে।
সিলেটের ঐতিহ্যবাহী শিক্ষাপ্রতিষ্ঠান মুরারি চাঁদ কলেজ ১৮৯২ সালে প্রতিষ্ঠিত হয়। দীর্ঘ ইতিহাসে এই কলেজ অসংখ্য কৃতী শিক্ষার্থী তৈরি করেছে। সবুজ টিলা ও মনোরম পরিবেশে ঘেরা ক্যাম্পাস দর্শনার্থীদের আকর্ষণ করে। সিলেটের ঐতিহ্যবাহী শিক্ষাপ্রতিষ্ঠান মুরারি চাঁদ কলেজ ১৮৯২ সালে প্রতিষ্ঠিত হয়। দীর্ঘ ইতিহাসে এই কলেজ অসংখ্য কৃতী শিক্ষার্থী তৈরি করেছে। সবুজ টিলা ও মনোরম পরিবেশে ঘেরা ক্যাম্পাস দর্শনার্থীদের আকর্ষণ করে। সিলেটের ঐতিহ্যবাহী শিক্ষাপ্রতিষ্ঠান মুরারি চাঁদ কলেজ ১৮৯২ সালে প্রতিষ্ঠিত হয়। দীর্ঘ ইতিহাসে এই কলেজ অসংখ্য কৃতী শিক্ষার্থী তৈরি করেছে। সবুজ টিলা ও মনোরম পরিবেশে ঘেরা ক্যাম্পাস দর্শনার্থীদের আকর্ষণ করে।
সিলেটের ঐতিহ্যবাহী শিক্ষাপ্রতিষ্ঠান মুরারি চাঁদ কলেজ ১৮৯২ সালে প্রতিষ্ঠিত হয়। দীর্ঘ ইতিহাসে এই কলেজ অসংখ্য কৃতী শিক্ষার্থী তৈরি করেছে। সবুজ টিলা ও মনোরম পরিবেশে ঘেরা ক্যাম্পাস দর্শনার্থীদের আকর্ষণ করে। সিলেটের ঐতিহ্যবাহী শিক্ষাপ্রতিষ্ঠান মুরারি চাঁদ কলেজ ১৮৯২ সালে প্রতিষ্ঠিত হয়। দীর্ঘ ইতিহাসে এই কলেজ অসংখ্য কৃতী শিক্ষার্থী তৈরি করেছে। সবুজ টিলা ও মনোরম পরিবেশে ঘেরা ক্যাম্পাস দর্শনার্থীদের আকর্ষণ করে। সিলেটের ঐতিহ্যবাহী শিক্ষাপ্রতিষ্ঠান মুরারি চাঁদ কলেজ ১৮৯২ সালে প্রতিষ্ঠিত হয়। দীর্ঘ ইতিহাসে এই কলেজ অসংখ্য কৃতী শিক্ষার্থী তৈরি করেছে। সবুজ টিলা ও মনোরম পরিবেশে ঘেরা ক্যাম্পাস দর্শনার্থীদের আকর্ষণ করে।
